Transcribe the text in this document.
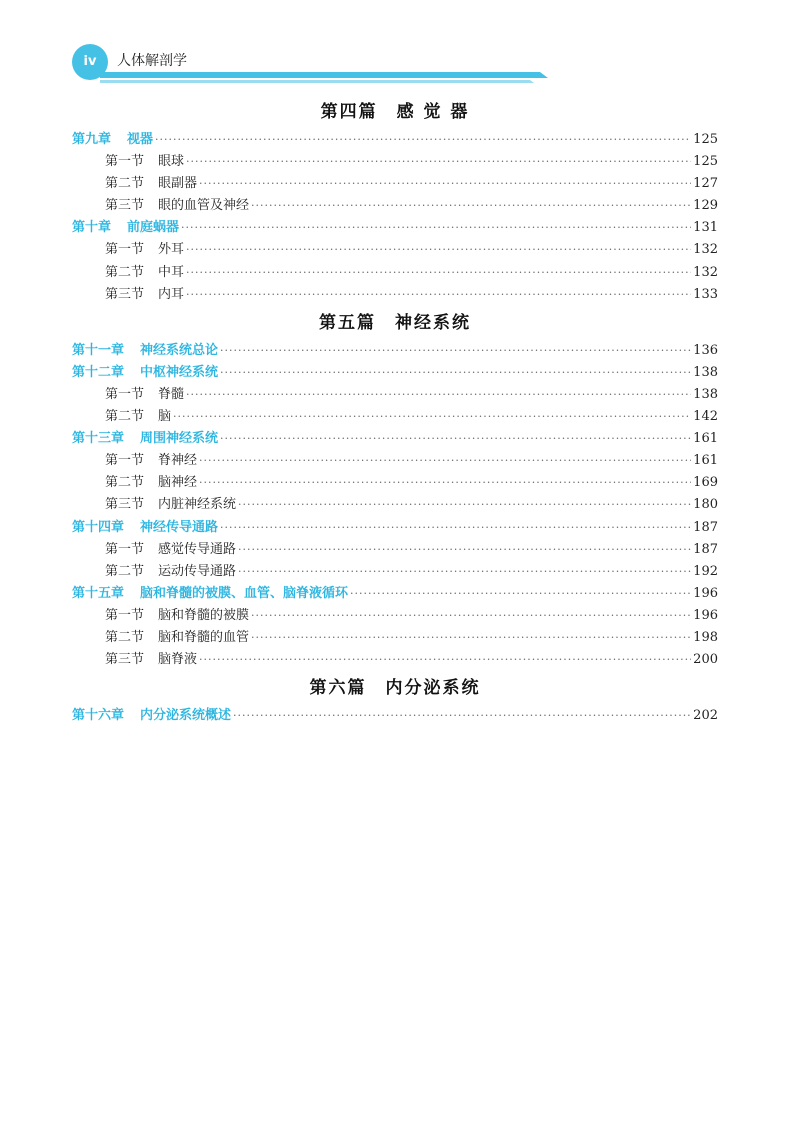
iv	人体解剖学
第四篇　感 觉 器
第九章 视器 ·····	125
第一节 眼球 ·····	125
第二节 眼副器 ·····	127
第三节 眼的血管及神经 ·····	129
第十章 前庭蜗器 ·····	131
第一节 外耳 ·····	132
第二节 中耳 ·····	132
第三节 内耳 ·····	133
第五篇　神经系统
第十一章 神经系统总论 ·····	136
第十二章 中枢神经系统 ·····	138
第一节 脊髓 ·····	138
第二节 脑 ·····	142
第十三章 周围神经系统 ·····	161
第一节 脊神经 ·····	161
第二节 脑神经 ·····	169
第三节 内脏神经系统 ·····	180
第十四章 神经传导通路 ·····	187
第一节 感觉传导通路 ·····	187
第二节 运动传导通路 ·····	192
第十五章 脑和脊髓的被膜、血管、脑脊液循环 ·····	196
第一节 脑和脊髓的被膜 ·····	196
第二节 脑和脊髓的血管 ·····	198
第三节 脑脊液 ·····	200
第六篇　内分泌系统
第十六章 内分泌系统概述 ·····	202
